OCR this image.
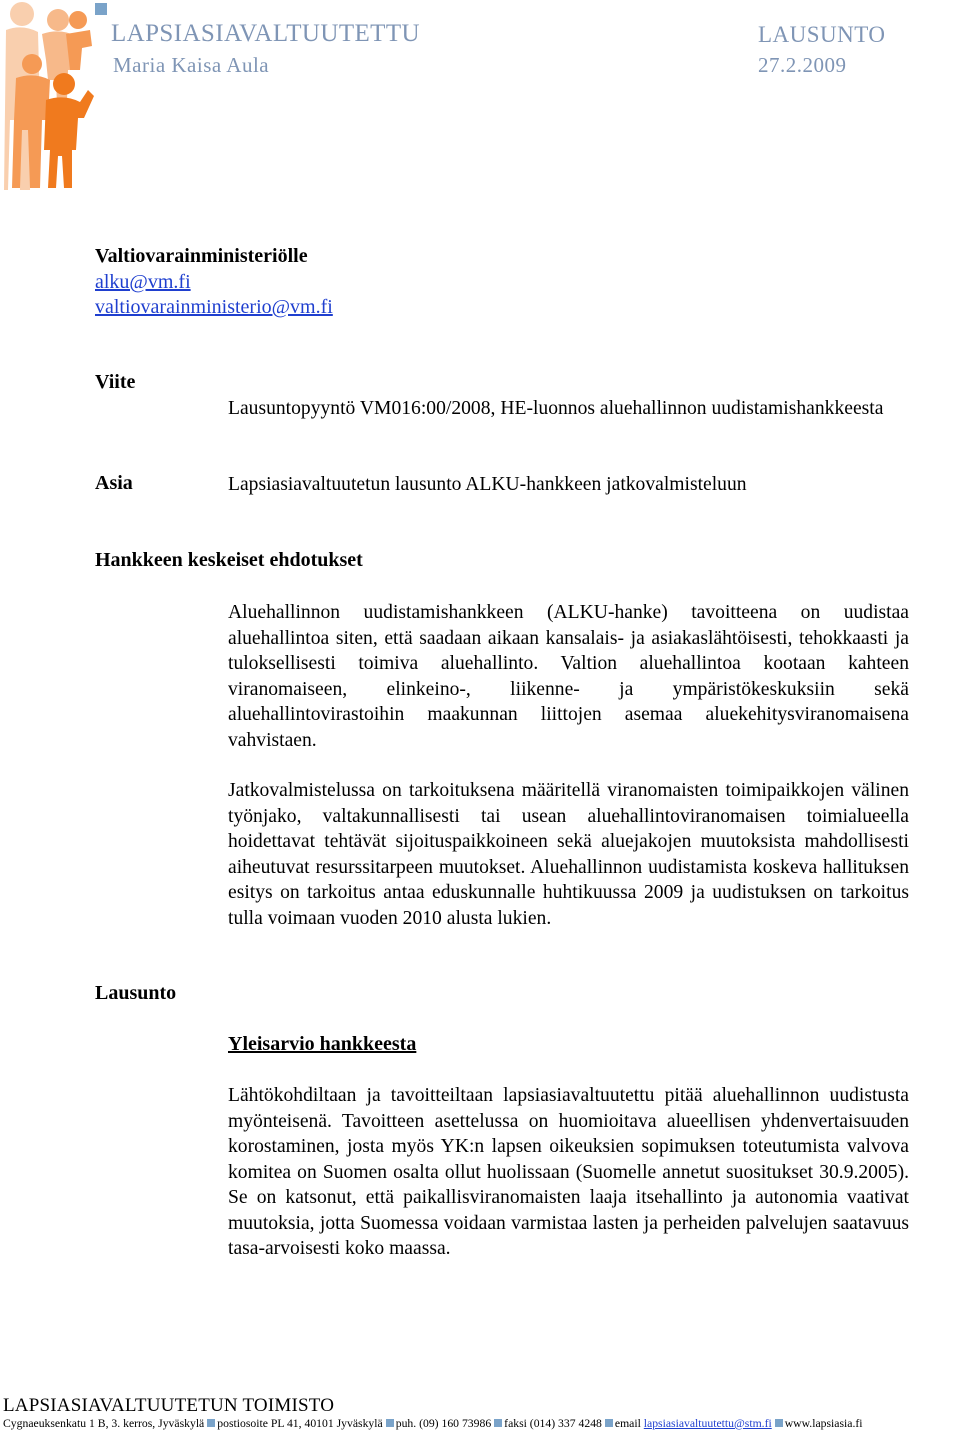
LAPSIASIAVALTUUTETTU
Maria Kaisa Aula
LAUSUNTO
27.2.2009
Valtiovarainministeriölle
alku@vm.fi
valtiovarainministerio@vm.fi
Viite
Lausuntopyyntö VM016:00/2008, HE-luonnos aluehallinnon uudistamishankkeesta
Asia	Lapsiasiavaltuutetun lausunto ALKU-hankkeen jatkovalmisteluun
Hankkeen keskeiset ehdotukset
Aluehallinnon uudistamishankkeen (ALKU-hanke) tavoitteena on uudistaa aluehallintoa siten, että saadaan aikaan kansalais- ja asiakaslähtöisesti, tehokkaasti ja tuloksellisesti toimiva aluehallinto. Valtion aluehallintoa kootaan kahteen viranomaiseen, elinkeino-, liikenne- ja ympäristökeskuksiin sekä aluehallintovirastoihin maakunnan liittojen asemaa aluekehitysviranomaisena vahvistaen.
Jatkovalmistelussa on tarkoituksena määritellä viranomaisten toimipaikkojen välinen työnjako, valtakunnallisesti tai usean aluehallintoviranomaisen toimialueella hoidettavat tehtävät sijoituspaikkoineen sekä aluejakojen muutoksista mahdollisesti aiheutuvat resurssitarpeen muutokset. Aluehallinnon uudistamista koskeva hallituksen esitys on tarkoitus antaa eduskunnalle huhtikuussa 2009 ja uudistuksen on tarkoitus tulla voimaan vuoden 2010 alusta lukien.
Lausunto
Yleisarvio hankkeesta
Lähtökohdiltaan ja tavoitteiltaan lapsiasiavaltuutettu pitää aluehallinnon uudistusta myönteisenä. Tavoitteen asettelussa on huomioitava alueellisen yhdenvertaisuuden korostaminen, josta myös YK:n lapsen oikeuksien sopimuksen toteutumista valvova komitea on Suomen osalta ollut huolissaan (Suomelle annetut suositukset 30.9.2005). Se on katsonut, että paikallisviranomaisten laaja itsehallinto ja autonomia vaativat muutoksia, jotta Suomessa voidaan varmistaa lasten ja perheiden palvelujen saatavuus tasa-arvoisesti koko maassa.
LAPSIASIAVALTUUTETUN TOIMISTO
Cygnaeuksenkatu 1 B, 3. kerros, Jyväskylä postiosoite PL 41, 40101 Jyväskylä puh. (09) 160 73986 faksi (014) 337 4248 email lapsiasiavaltuutettu@stm.fi www.lapsiasia.fi
